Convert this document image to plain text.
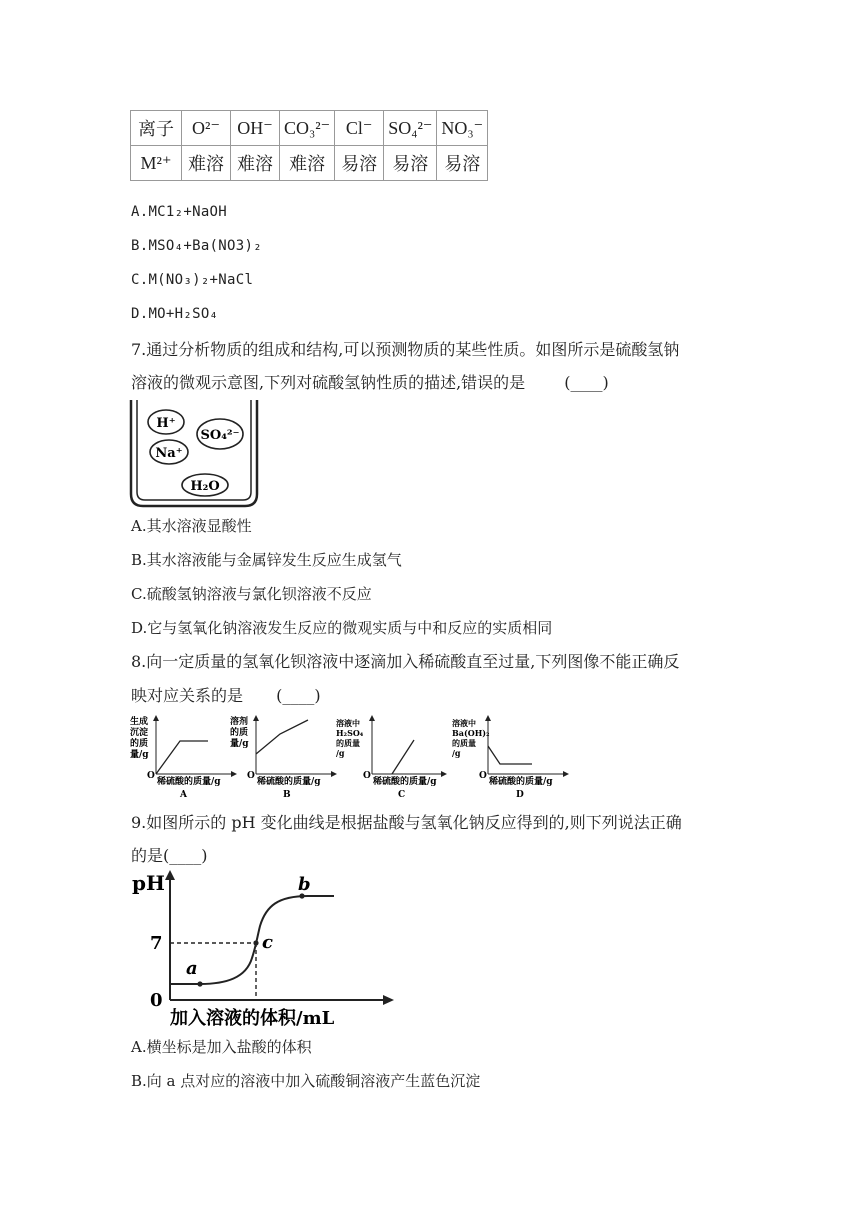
离子	O²⁻	OH⁻	CO₃²⁻	Cl⁻	SO₄²⁻	NO₃⁻
M²⁺	难溶	难溶	难溶	易溶	易溶	易溶
A.MC1₂+NaOH
B.MSO₄+Ba(NO3)₂
C.M(NO₃)₂+NaCl
D.MO+H₂SO₄
7.通过分析物质的组成和结构,可以预测物质的某些性质。如图所示是硫酸氢钠
溶液的微观示意图,下列对硫酸氢钠性质的描述,错误的是 (____)
H⁺
SO₄²⁻
Na⁺
H₂O
A.其水溶液显酸性
B.其水溶液能与金属锌发生反应生成氢气
C.硫酸氢钠溶液与氯化钡溶液不反应
D.它与氢氧化钠溶液发生反应的微观实质与中和反应的实质相同
8.向一定质量的氢氧化钡溶液中逐滴加入稀硫酸直至过量,下列图像不能正确反
映对应关系的是 (____)
生成
沉淀
的质
量/g
O
稀硫酸的质量/g
A
溶剂
的质
量/g
O
稀硫酸的质量/g
B
溶液中
H₂SO₄
的质量
/g
O
稀硫酸的质量/g
C
溶液中
Ba(OH)₂
的质量
/g
O
稀硫酸的质量/g
D
9.如图所示的 pH 变化曲线是根据盐酸与氢氧化钠反应得到的,则下列说法正确
的是(____)
pH
a
b
c
7
0
加入溶液的体积/mL
A.横坐标是加入盐酸的体积
B.向 a 点对应的溶液中加入硫酸铜溶液产生蓝色沉淀
